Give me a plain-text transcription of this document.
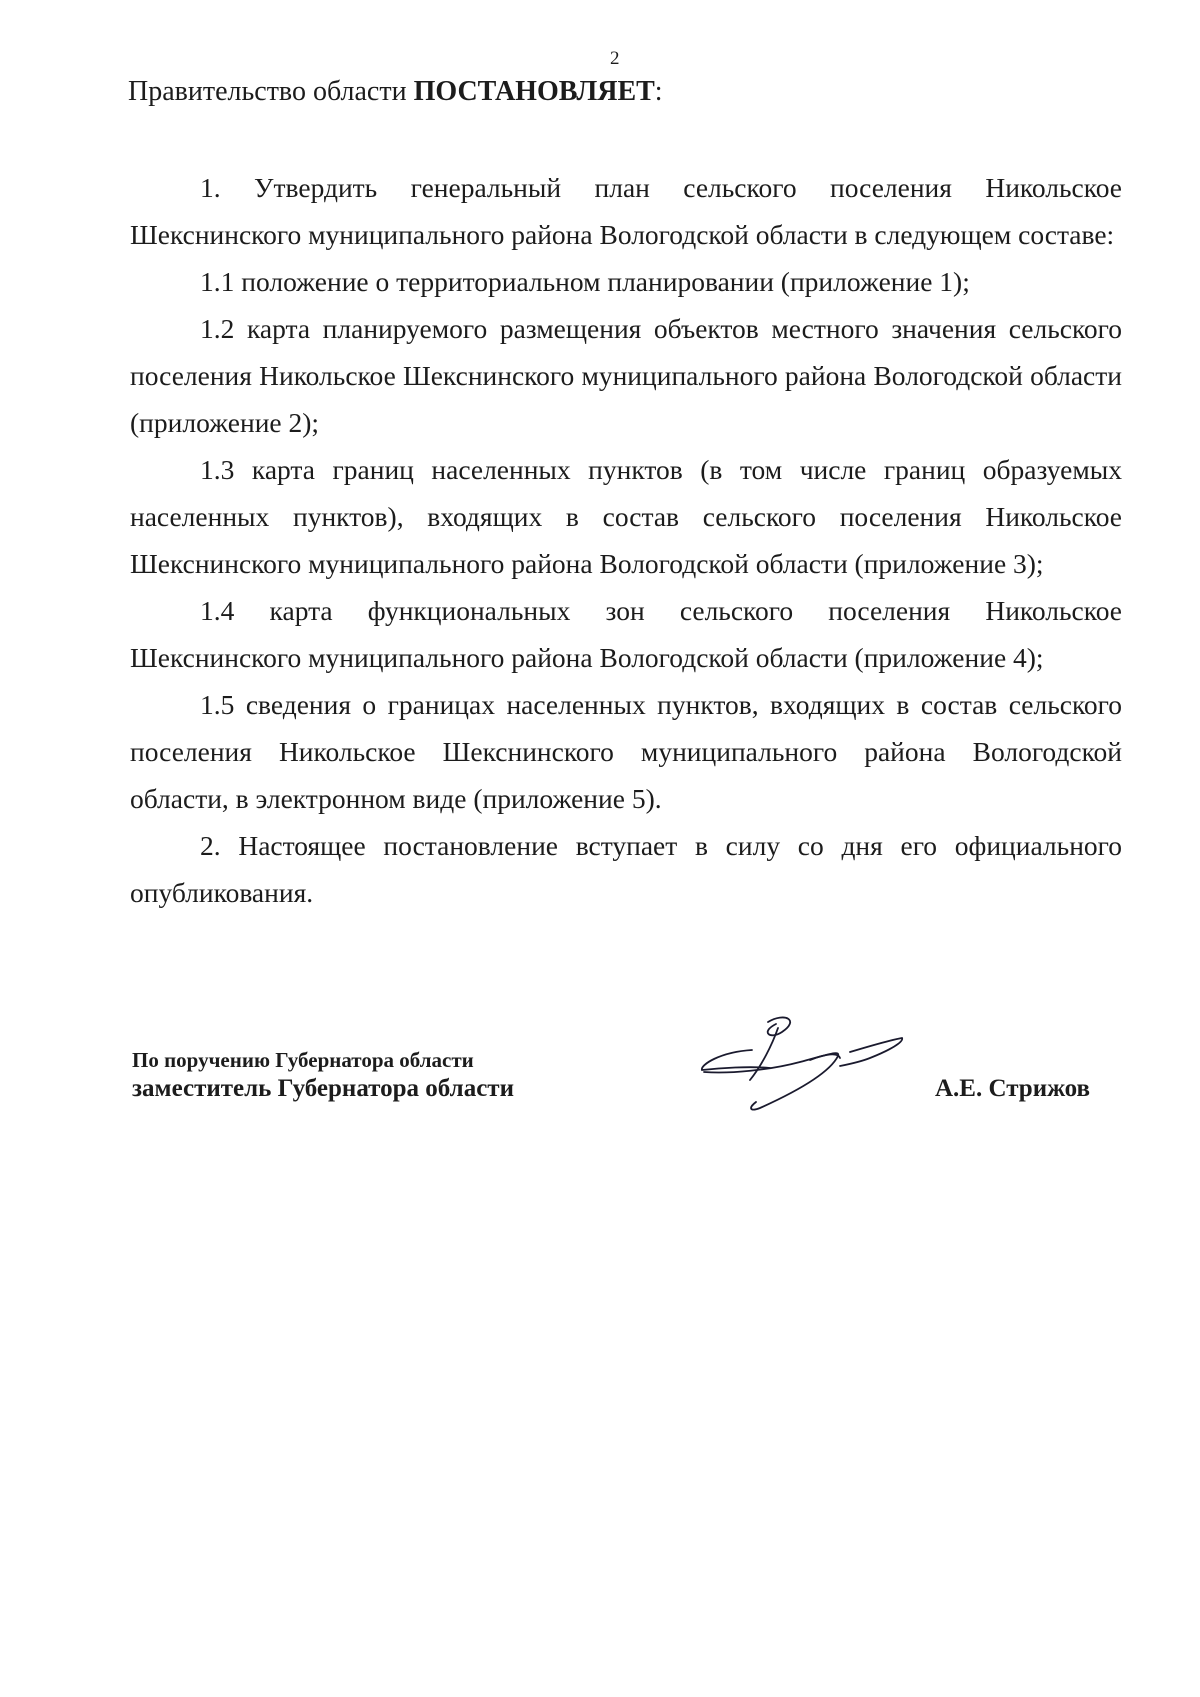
2
Правительство области ПОСТАНОВЛЯЕТ:

1. Утвердить генеральный план сельского поселения Никольское Шекснинского муниципального района Вологодской области в следующем составе:

1.1 положение о территориальном планировании (приложение 1);

1.2 карта планируемого размещения объектов местного значения сельского поселения Никольское Шекснинского муниципального района Вологодской области (приложение 2);

1.3 карта границ населенных пунктов (в том числе границ образуемых населенных пунктов), входящих в состав сельского поселения Никольское Шекснинского муниципального района Вологодской области (приложение 3);

1.4 карта функциональных зон сельского поселения Никольское Шекснинского муниципального района Вологодской области (приложение 4);

1.5 сведения о границах населенных пунктов, входящих в состав сельского поселения Никольское Шекснинского муниципального района Вологодской области, в электронном виде (приложение 5).

2. Настоящее постановление вступает в силу со дня его официального опубликования.

По поручению Губернатора области
заместитель Губернатора области	А.Е. Стрижов
